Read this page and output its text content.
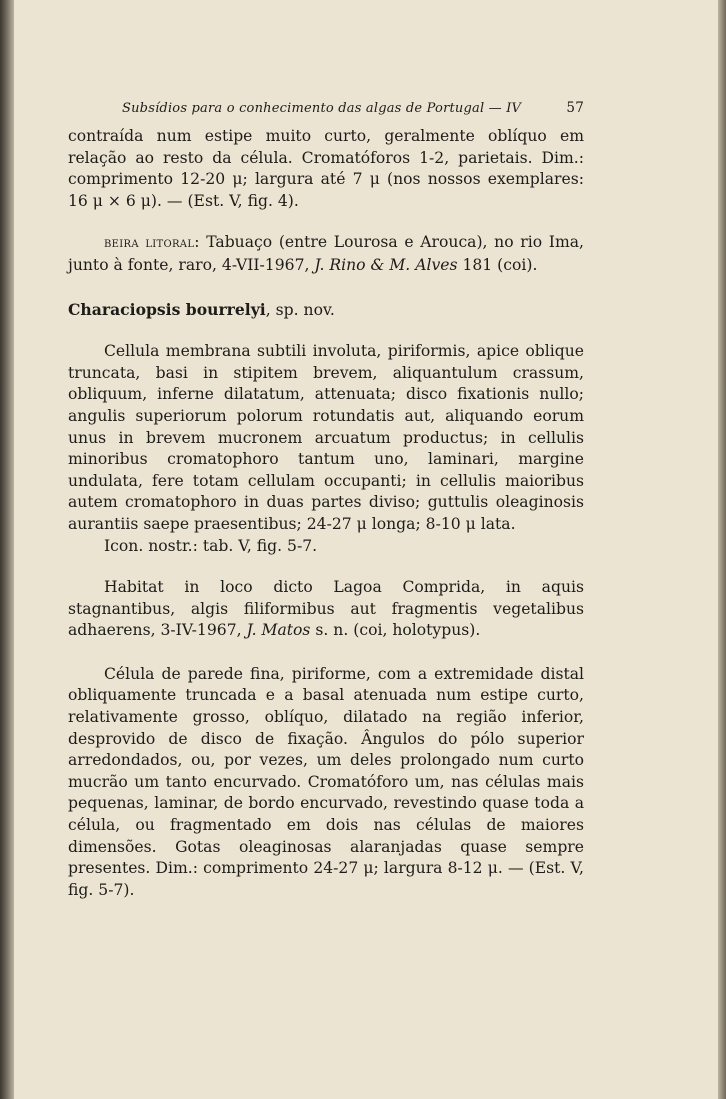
Subsídios para o conhecimento das algas de Portugal — IV	57

contraída num estipe muito curto, geralmente oblíquo em relação ao resto da célula. Cromatóforos 1-2, parietais. Dim.: comprimento 12-20 μ; largura até 7 μ (nos nossos exemplares: 16 μ × 6 μ). — (Est. V, fig. 4).

beira litoral: Tabuaço (entre Lourosa e Arouca), no rio Ima, junto à fonte, raro, 4-VII-1967, J. Rino & M. Alves 181 (coi).

Characiopsis bourrelyi, sp. nov.

Cellula membrana subtili involuta, piriformis, apice oblique truncata, basi in stipitem brevem, aliquantulum crassum, obliquum, inferne dilatatum, attenuata; disco fixationis nullo; angulis superiorum polorum rotundatis aut, aliquando eorum unus in brevem mucronem arcuatum productus; in cellulis minoribus cromatophoro tantum uno, laminari, margine undulata, fere totam cellulam occupanti; in cellulis maioribus autem cromatophoro in duas partes diviso; guttulis oleaginosis aurantiis saepe praesentibus; 24-27 μ longa; 8-10 μ lata.

Icon. nostr.: tab. V, fig. 5-7.

Habitat in loco dicto Lagoa Comprida, in aquis stagnantibus, algis filiformibus aut fragmentis vegetalibus adhaerens, 3-IV-1967, J. Matos s. n. (coi, holotypus).

Célula de parede fina, piriforme, com a extremidade distal obliquamente truncada e a basal atenuada num estipe curto, relativamente grosso, oblíquo, dilatado na região inferior, desprovido de disco de fixação. Ângulos do pólo superior arredondados, ou, por vezes, um deles prolongado num curto mucrão um tanto encurvado. Cromatóforo um, nas células mais pequenas, laminar, de bordo encurvado, revestindo quase toda a célula, ou fragmentado em dois nas células de maiores dimensões. Gotas oleaginosas alaranjadas quase sempre presentes. Dim.: comprimento 24-27 μ; largura 8-12 μ. — (Est. V, fig. 5-7).
